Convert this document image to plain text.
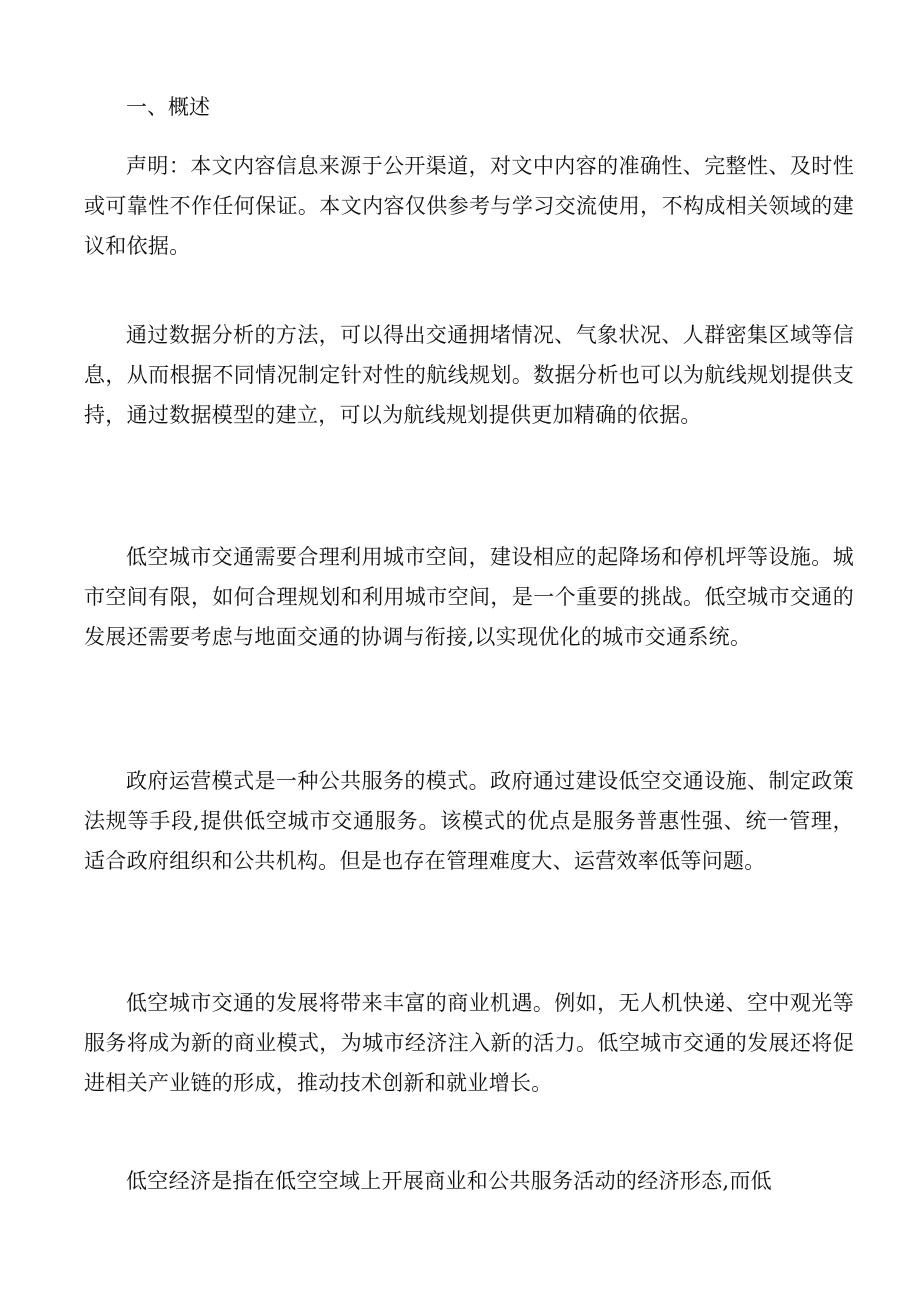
一、概述

声明：本文内容信息来源于公开渠道，对文中内容的准确性、完整性、及时性或可靠性不作任何保证。本文内容仅供参考与学习交流使用，不构成相关领域的建议和依据。

通过数据分析的方法，可以得出交通拥堵情况、气象状况、人群密集区域等信息，从而根据不同情况制定针对性的航线规划。数据分析也可以为航线规划提供支持，通过数据模型的建立，可以为航线规划提供更加精确的依据。

低空城市交通需要合理利用城市空间，建设相应的起降场和停机坪等设施。城市空间有限，如何合理规划和利用城市空间，是一个重要的挑战。低空城市交通的发展还需要考虑与地面交通的协调与衔接,以实现优化的城市交通系统。

政府运营模式是一种公共服务的模式。政府通过建设低空交通设施、制定政策法规等手段,提供低空城市交通服务。该模式的优点是服务普惠性强、统一管理，适合政府组织和公共机构。但是也存在管理难度大、运营效率低等问题。

低空城市交通的发展将带来丰富的商业机遇。例如，无人机快递、空中观光等服务将成为新的商业模式，为城市经济注入新的活力。低空城市交通的发展还将促进相关产业链的形成，推动技术创新和就业增长。

低空经济是指在低空空域上开展商业和公共服务活动的经济形态,而低
